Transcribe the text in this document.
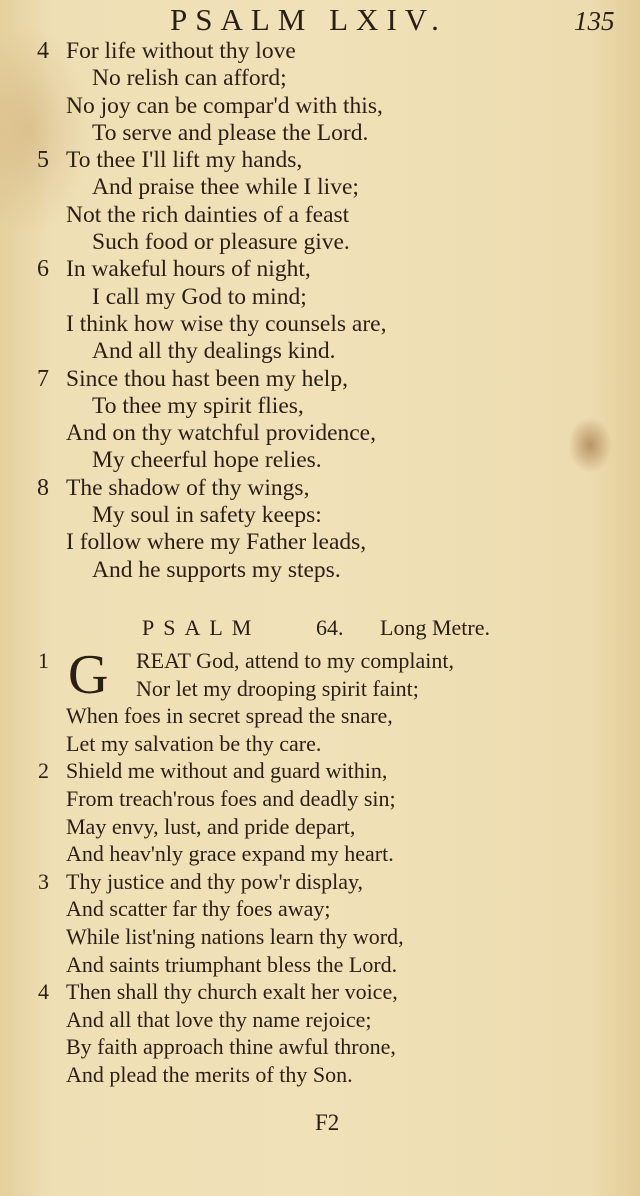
PSALM LXIV.	135
4 For life without thy love
No relish can afford;
No joy can be compar'd with this,
To serve and please the Lord.
5 To thee I'll lift my hands,
And praise thee while I live;
Not the rich dainties of a feast
Such food or pleasure give.
6 In wakeful hours of night,
I call my God to mind;
I think how wise thy counsels are,
And all thy dealings kind.
7 Since thou hast been my help,
To thee my spirit flies,
And on thy watchful providence,
My cheerful hope relies.
8 The shadow of thy wings,
My soul in safety keeps:
I follow where my Father leads,
And he supports my steps.
PSALM	64. Long Metre.
G
1	REAT God, attend to my complaint,
Nor let my drooping spirit faint;
When foes in secret spread the snare,
Let my salvation be thy care.
2 Shield me without and guard within,
From treach'rous foes and deadly sin;
May envy, lust, and pride depart,
And heav'nly grace expand my heart.
3 Thy justice and thy pow'r display,
And scatter far thy foes away;
While list'ning nations learn thy word,
And saints triumphant bless the Lord.
4 Then shall thy church exalt her voice,
And all that love thy name rejoice;
By faith approach thine awful throne,
And plead the merits of thy Son.
F2
